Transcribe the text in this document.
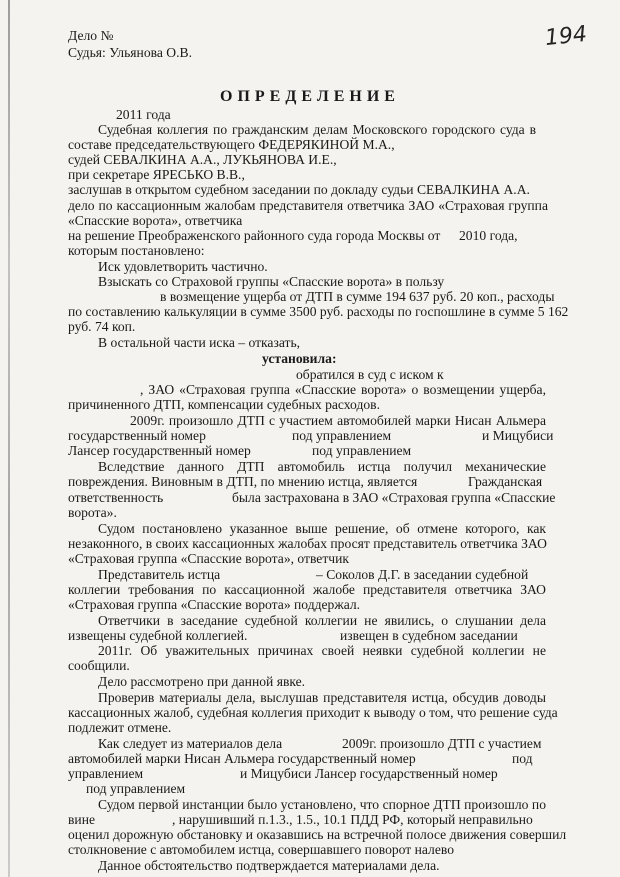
Дело №
Судья: Ульянова О.В.
194
ОПРЕДЕЛЕНИЕ
2011 года
Судебная коллегия по гражданским делам Московского городского суда в
составе председательствующего ФЕДЕРЯКИНОЙ М.А.,
судей СЕВАЛКИНА А.А., ЛУКЬЯНОВА И.Е.,
при секретаре ЯРЕСЬКО В.В.,
заслушав в открытом судебном заседании по докладу судьи СЕВАЛКИНА А.А.
дело по кассационным жалобам представителя ответчика ЗАО «Страховая группа
«Спасские ворота», ответчика
на решение Преображенского районного суда города Москвы от 2010 года,
которым постановлено:
Иск удовлетворить частично.
Взыскать со Страховой группы «Спасские ворота» в пользу
в возмещение ущерба от ДТП в сумме 194 637 руб. 20 коп., расходы
по составлению калькуляции в сумме 3500 руб. расходы по госпошлине в сумме 5 162
руб. 74 коп.
В остальной части иска – отказать,
установила:
обратился в суд с иском к
, ЗАО «Страховая группа «Спасские ворота» о возмещении ущерба,
причиненного ДТП, компенсации судебных расходов.
2009г. произошло ДТП с участием автомобилей марки Нисан Альмера
государственный номер	под управлением	и Мицубиси
Лансер государственный номер	под управлением
Вследствие данного ДТП автомобиль истца получил механические
повреждения. Виновным в ДТП, по мнению истца, является	Гражданская
ответственность	была застрахована в ЗАО «Страховая группа «Спасские
ворота».
Судом постановлено указанное выше решение, об отмене которого, как
незаконного, в своих кассационных жалобах просят представитель ответчика ЗАО
«Страховая группа «Спасские ворота», ответчик
Представитель истца	– Соколов Д.Г. в заседании судебной
коллегии требования по кассационной жалобе представителя ответчика ЗАО
«Страховая группа «Спасские ворота» поддержал.
Ответчики в заседание судебной коллегии не явились, о слушании дела
извещены судебной коллегией.	извещен в судебном заседании
2011г. Об уважительных причинах своей неявки судебной коллегии не
сообщили.
Дело рассмотрено при данной явке.
Проверив материалы дела, выслушав представителя истца, обсудив доводы
кассационных жалоб, судебная коллегия приходит к выводу о том, что решение суда
подлежит отмене.
Как следует из материалов дела	2009г. произошло ДТП с участием
автомобилей марки Нисан Альмера государственный номер	под
управлением	и Мицубиси Лансер государственный номер
под управлением
Судом первой инстанции было установлено, что спорное ДТП произошло по
вине	, нарушивший п.1.3., 1.5., 10.1 ПДД РФ, который неправильно
оценил дорожную обстановку и оказавшись на встречной полосе движения совершил
столкновение с автомобилем истца, совершавшего поворот налево
Данное обстоятельство подтверждается материалами дела.
